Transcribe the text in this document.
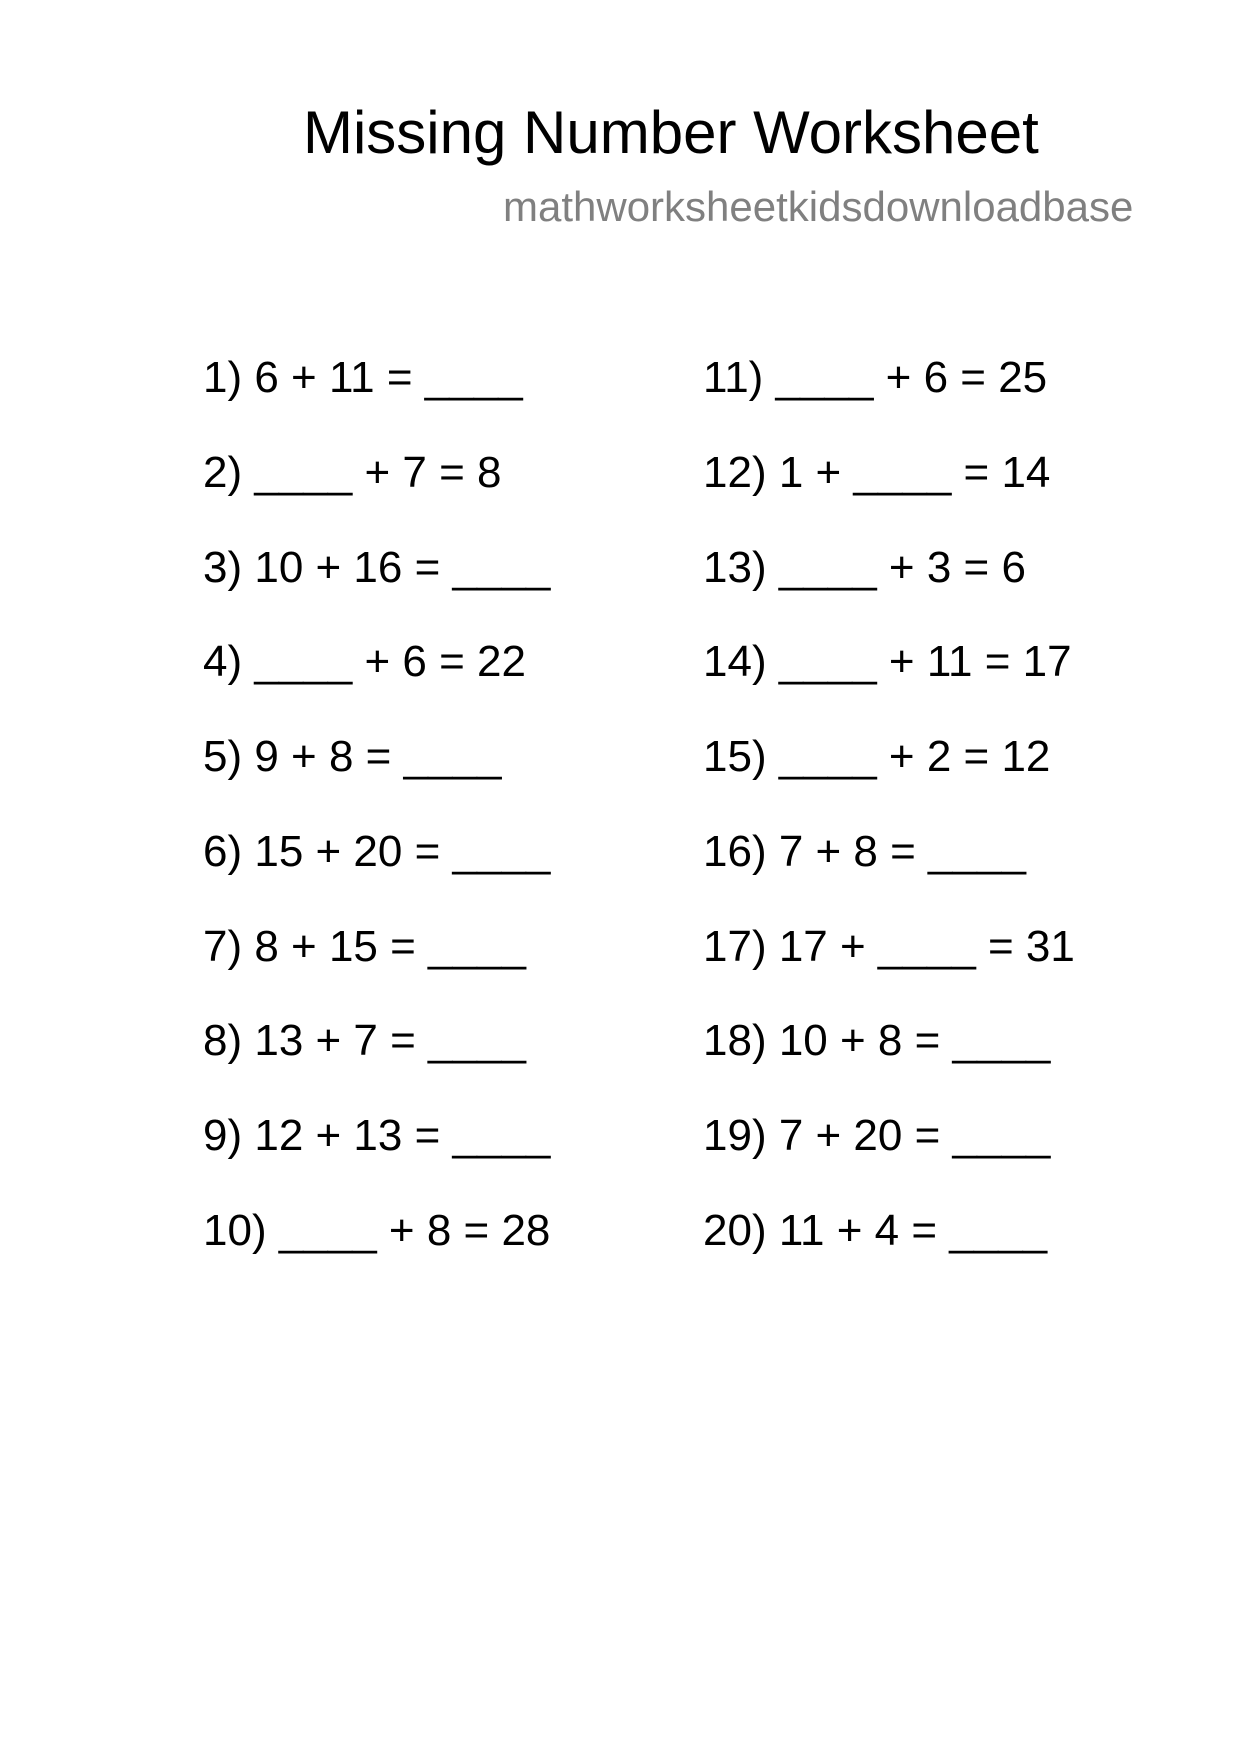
Missing Number Worksheet
mathworksheetkidsdownloadbase
1) 6 + 11 = ____
2) ____ + 7 = 8
3) 10 + 16 = ____
4) ____ + 6 = 22
5) 9 + 8 = ____
6) 15 + 20 = ____
7) 8 + 15 = ____
8) 13 + 7 = ____
9) 12 + 13 = ____
10) ____ + 8 = 28
11) ____ + 6 = 25
12) 1 + ____ = 14
13) ____ + 3 = 6
14) ____ + 11 = 17
15) ____ + 2 = 12
16) 7 + 8 = ____
17) 17 + ____ = 31
18) 10 + 8 = ____
19) 7 + 20 = ____
20) 11 + 4 = ____
